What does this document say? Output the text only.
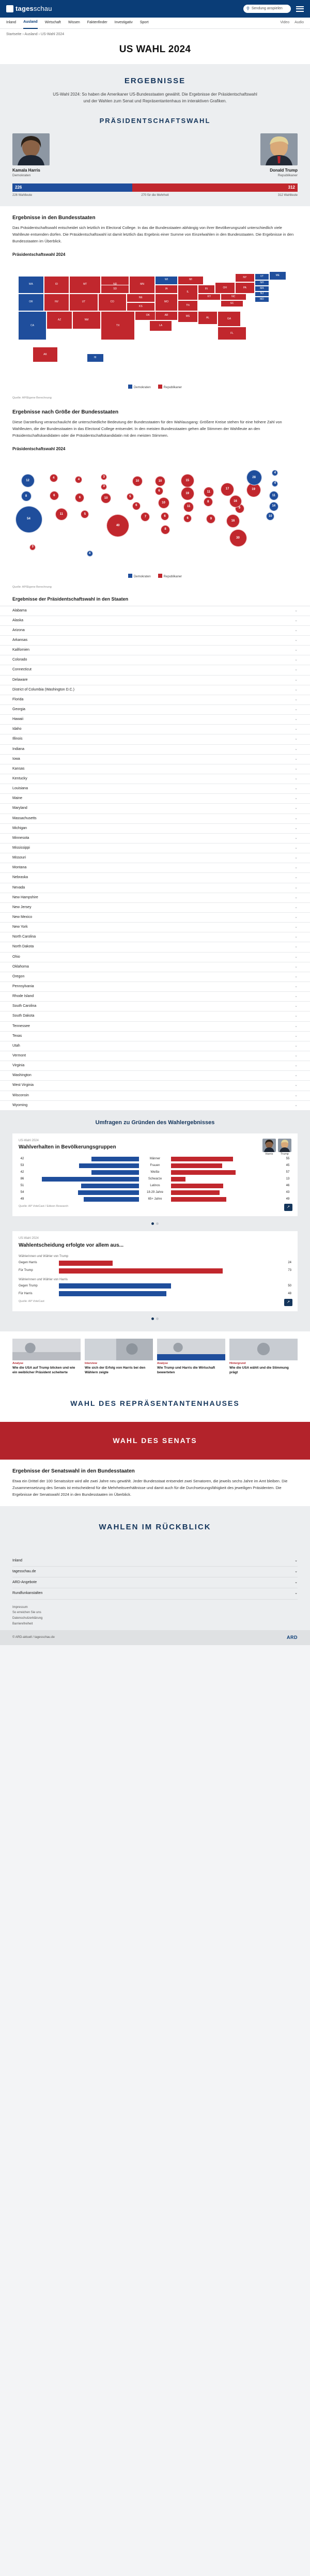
tagesschau	⚲ Sendung anspielen
Inland Ausland Wirtschaft Wissen Faktenfinder Investigativ Sport	Video Audio
Startseite › Ausland › US-Wahl 2024
US WAHL 2024
ERGEBNISSE
US-Wahl 2024: So haben die Amerikaner US-Bundesstaaten gewählt. Die Ergebnisse der Präsidentschaftswahl und der Wahlen zum Senat und Repräsentantenhaus im interaktiven Grafiken.
PRÄSIDENTSCHAFTSWAHL
Kamala Harris
Demokraten
Donald Trump
Republikaner
226	312
226 Wahlleute	270 für die Mehrheit	312 Wahlleute
Ergebnisse in den Bundesstaaten

Das Präsidentschaftswahl entscheidet sich letztlich im Electoral College. In das die Bundesstaaten abhängig von ihrer Bevölkerungszahl unterschiedlich viele Wahlleute entsenden dürfen. Die Präsidentschaftswahl ist damit letztlich das Ergebnis einer Summe von Einzelwahlen in den Bundesstaaten. Die Ergebnisse in den Bundesstaaten im Überblick.

Präsidentschaftswahl 2024
WA
OR
CA
ID
NV
AZ
MT
UT
NM
CO
SD
TX
NE
KS
OK
MN
IA
MO
AR
LA
WI
IL
TN
MS	AL
IN
KY
MI
OH
GA
FL
SC
NC
PA
NY	VT	ME
NH
MA
NJ
MD
AK
HI
Demokraten	Republikaner
Quelle: AP/Eigene Berechnung
Ergebnisse nach Größe der Bundesstaaten

Diese Darstellung veranschaulicht die unterschiedliche Bedeutung der Bundesstaaten für den Wahlausgang: Größere Kreise stehen für eine höhere Zahl von Wahlleuten, die der Bundesstaaten in das Electoral College entsendet. In den meisten Bundesstaaten gehen alle Stimmen der Wahlleute an den Präsidentschaftskandidaten oder die Präsidentschaftskandidatin mit den meisten Stimmen.

Präsidentschaftswahl 2024
12
8
54
4
6
11
4
6
5
10
3
3
40
5
6
7
10
6
10
6
8
10
19
11
6	9
11
8
15
17
16
30
9
16
19
28
4
4
11
14
10
3
4
Demokraten	Republikaner
Quelle: AP/Eigene Berechnung
Ergebnisse der Präsidentschaftswahl in den Staaten
Alabama	⌄
Alaska	⌄
Arizona	⌄
Arkansas	⌄
Kalifornien	⌄
Colorado	⌄
Connecticut	⌄
Delaware	⌄
District of Columbia (Washington D.C.)	⌄
Florida	⌄
Georgia	⌄
Hawaii	⌄
Idaho	⌄
Illinois	⌄
Indiana	⌄
Iowa	⌄
Kansas	⌄
Kentucky	⌄
Louisiana	⌄
Maine	⌄
Maryland	⌄
Massachusetts	⌄
Michigan	⌄
Minnesota	⌄
Mississippi	⌄
Missouri	⌄
Montana	⌄
Nebraska	⌄
Nevada	⌄
New Hampshire	⌄
New Jersey	⌄
New Mexico	⌄
New York	⌄
North Carolina	⌄
North Dakota	⌄
Ohio	⌄
Oklahoma	⌄
Oregon	⌄
Pennsylvania	⌄
Rhode Island	⌄
South Carolina	⌄
South Dakota	⌄
Tennessee	⌄
Texas	⌄
Utah	⌄
Vermont	⌄
Virginia	⌄
Washington	⌄
West Virginia	⌄
Wisconsin	⌄
Wyoming	⌄
Umfragen zu Gründen des Wahlergebnisses
US-Wahl 2024
Wahlverhalten in Bevölkerungsgruppen
Harris	Trump
42	Männer	55
53	Frauen	45
42	Weiße	57
86	Schwarze	13
51	Latinos	46
54	18-29 Jahre	43
49	65+ Jahre	49
Quelle: AP VoteCast / Edison Research	↗
US-Wahl 2024
Wahlentscheidung erfolgte vor allem aus...
Wählerinnen und Wähler von Trump
Gegen Harris	24
Für Trump	73
Wählerinnen und Wähler von Harris
Gegen Trump	50
Für Harris	48
Quelle: AP VoteCast	↗
Analyse
Wie die USA auf Trump blicken und wie ein weiblicher Präsident scheiterte
Interview
Wie sich der Erfolg von Harris bei den Wählern zeigte
Analyse
Wie Trump und Harris die Wirtschaft bewerteten
Hintergrund
Wie die USA wählt und die Stimmung prägt
WAHL DES REPRÄSENTANTENHAUSES
WAHL DES SENATS
Ergebnisse der Senatswahl in den Bundesstaaten

Etwa ein Drittel der 100 Senatssitze wird alle zwei Jahre neu gewählt. Jeder Bundesstaat entsendet zwei Senatoren, die jeweils sechs Jahre im Amt bleiben. Die Zusammensetzung des Senats ist entscheidend für die Mehrheitsverhältnisse und damit auch für die Durchsetzungsfähigkeit des jeweiligen Präsidenten. Die Ergebnisse der Senatswahl 2024 in den Bundesstaaten im Überblick.

WAHLEN IM RÜCKBLICK
Inland	⌄
tagesschau.de	⌄
ARD-Angebote	⌄
Rundfunkanstalten	⌄
Impressum
So erreichen Sie uns
Datenschutzerklärung
Barrierefreiheit
© ARD-aktuell / tagesschau.de	ARD
